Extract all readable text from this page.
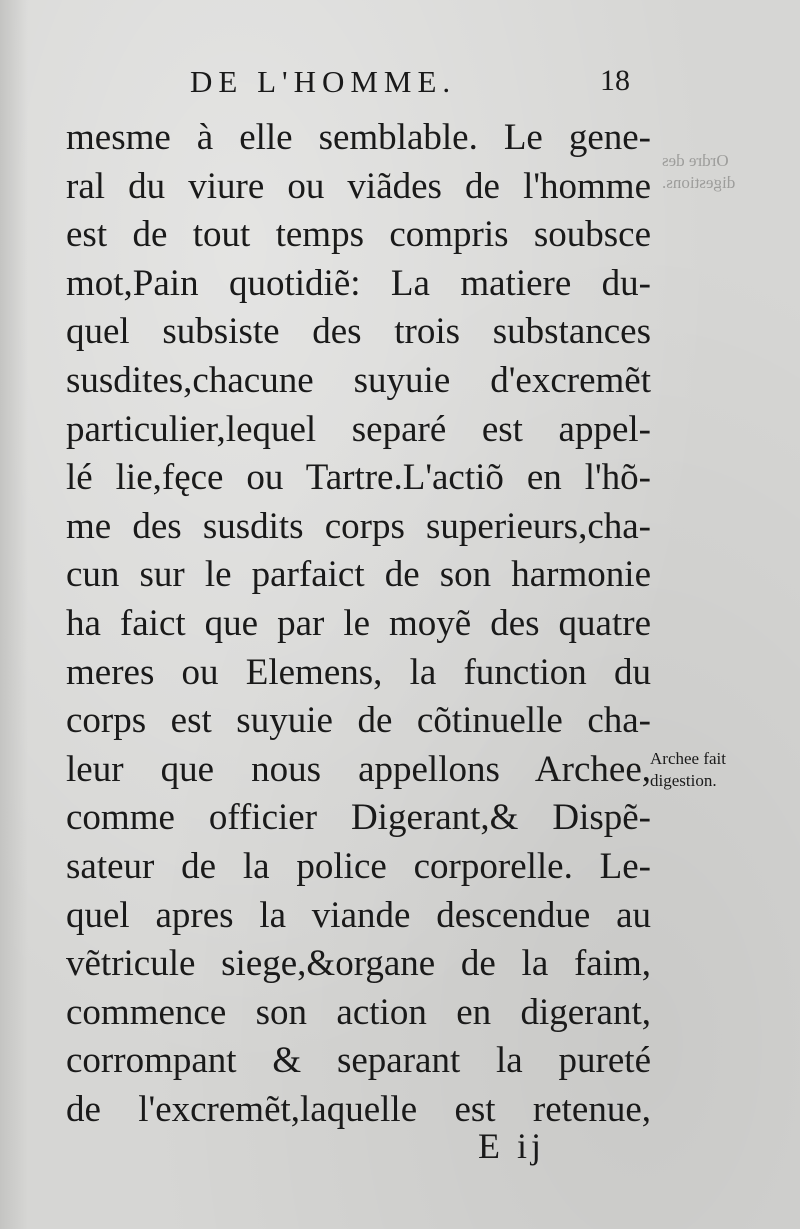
DE L'HOMME.	18
Ordre des
digestions.
mesme à elle semblable. Le gene-
ral du viure ou viãdes de l'homme
est de tout temps compris soubsce
mot,Pain quotidiẽ: La matiere du-
quel subsiste des trois substances
susdites,chacune suyuie d'excremẽt
particulier,lequel separé est appel-
lé lie,fęce ou Tartre.L'actiõ en l'hõ-
me des susdits corps superieurs,cha-
cun sur le parfaict de son harmonie
ha faict que par le moyẽ des quatre
meres ou Elemens, la function du
corps est suyuie de cõtinuelle cha-
leur que nous appellons Archee,
comme officier Digerant,& Dispẽ-
sateur de la police corporelle. Le-
quel apres la viande descendue au
vẽtricule siege,&organe de la faim,
commence son action en digerant,
corrompant & separant la pureté
de l'excremẽt,laquelle est retenue,
Archee fait
digestion.
E ij
